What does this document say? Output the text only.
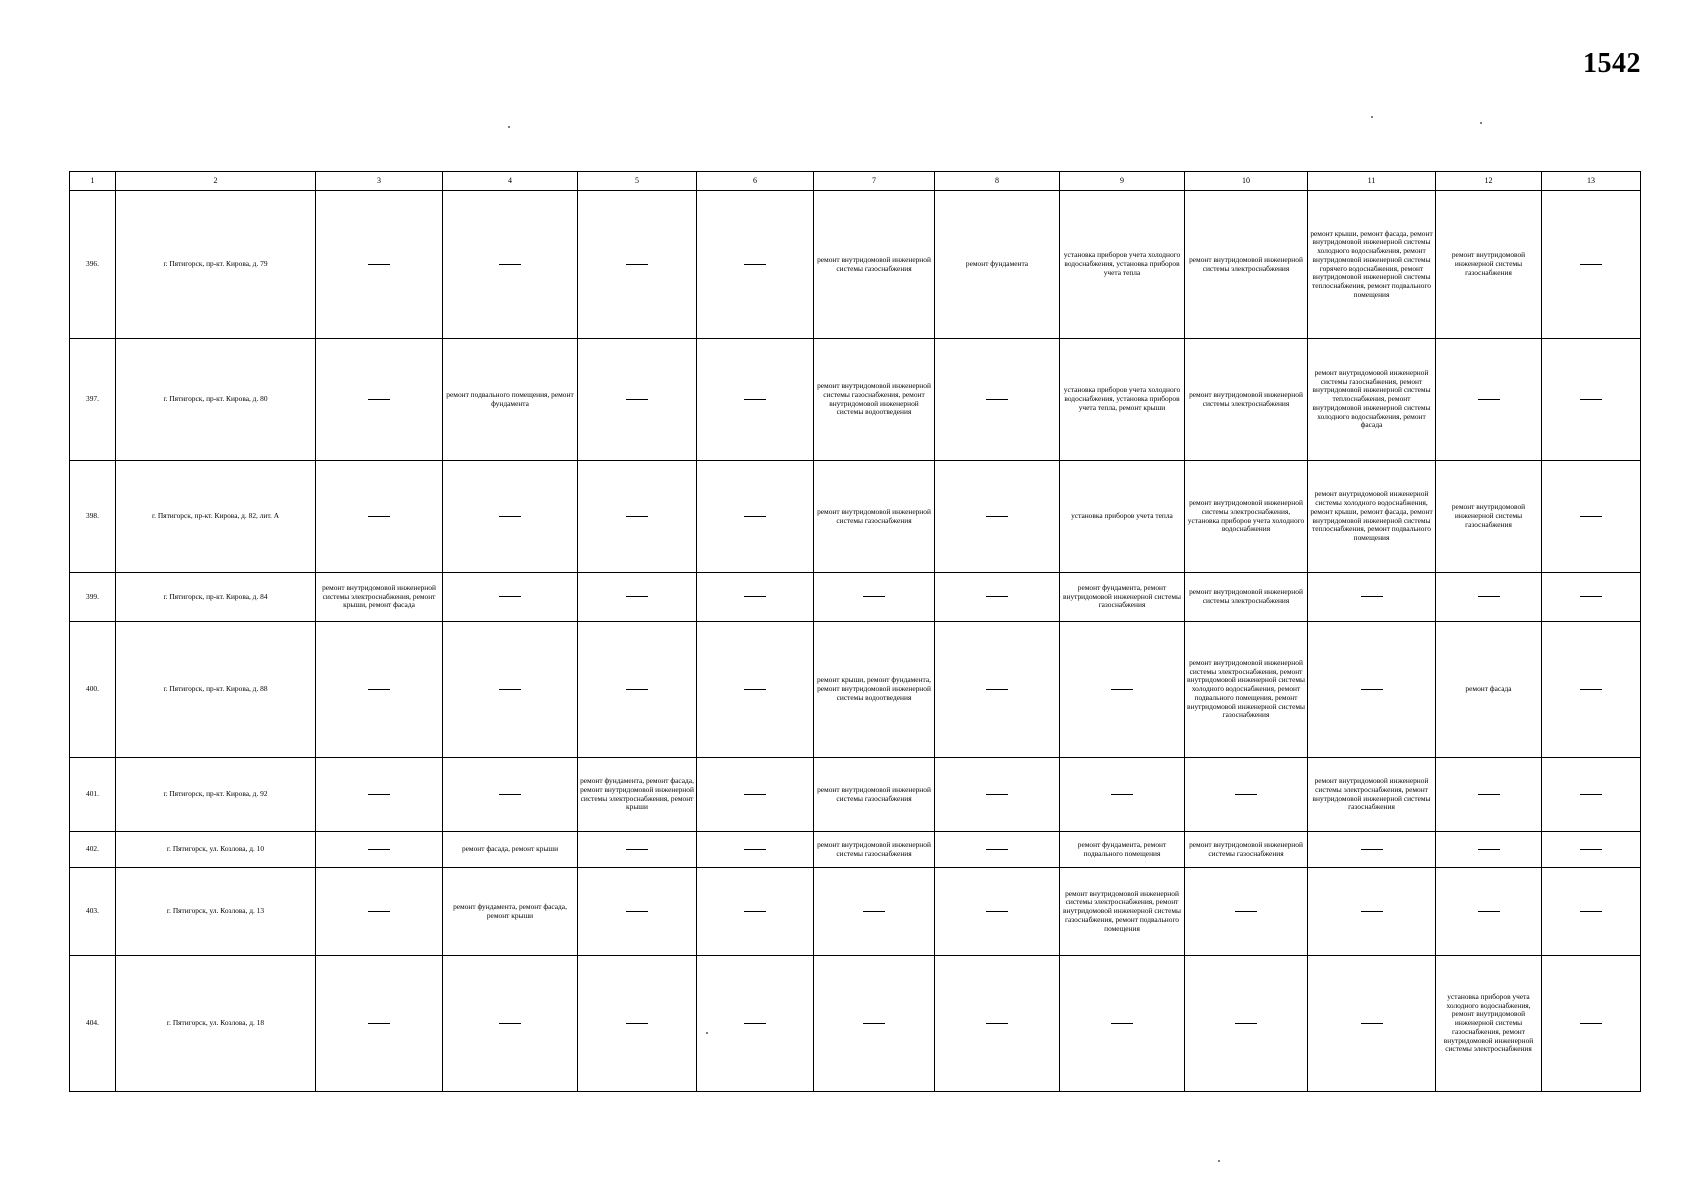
1542
1	2	3	4	5	6	7	8	9	10	11	12	13
396.	г. Пятигорск, пр-кт. Кирова, д. 79					ремонт внутридомовой инженерной системы газоснабжения	ремонт фундамента	установка приборов учета холодного водоснабжения, установка приборов учета тепла	ремонт внутридомовой инженерной системы электроснабжения	ремонт крыши, ремонт фасада, ремонт внутридомовой инженерной системы холодного водоснабжения, ремонт внутридомовой инженерной системы горячего водоснабжения, ремонт внутридомовой инженерной системы теплоснабжения, ремонт подвального помещения	ремонт внутридомовой инженерной системы газоснабжения	
397.	г. Пятигорск, пр-кт. Кирова, д. 80		ремонт подвального помещения, ремонт фундамента			ремонт внутридомовой инженерной системы газоснабжения, ремонт внутридомовой инженерной системы водоотведения		установка приборов учета холодного водоснабжения, установка приборов учета тепла, ремонт крыши	ремонт внутридомовой инженерной системы электроснабжения	ремонт внутридомовой инженерной системы газоснабжения, ремонт внутридомовой инженерной системы теплоснабжения, ремонт внутридомовой инженерной системы холодного водоснабжения, ремонт фасада		
398.	г. Пятигорск, пр-кт. Кирова, д. 82, лит. А					ремонт внутридомовой инженерной системы газоснабжения		установка приборов учета тепла	ремонт внутридомовой инженерной системы электроснабжения, установка приборов учета холодного водоснабжения	ремонт внутридомовой инженерной системы холодного водоснабжения, ремонт крыши, ремонт фасада, ремонт внутридомовой инженерной системы теплоснабжения, ремонт подвального помещения	ремонт внутридомовой инженерной системы газоснабжения	
399.	г. Пятигорск, пр-кт. Кирова, д. 84	ремонт внутридомовой инженерной системы электроснабжения, ремонт крыши, ремонт фасада						ремонт фундамента, ремонт внутридомовой инженерной системы газоснабжения	ремонт внутридомовой инженерной системы электроснабжения			
400.	г. Пятигорск, пр-кт. Кирова, д. 88					ремонт крыши, ремонт фундамента, ремонт внутридомовой инженерной системы водоотведения			ремонт внутридомовой инженерной системы электроснабжения, ремонт внутридомовой инженерной системы холодного водоснабжения, ремонт подвального помещения, ремонт внутридомовой инженерной системы газоснабжения		ремонт фасада	
401.	г. Пятигорск, пр-кт. Кирова, д. 92			ремонт фундамента, ремонт фасада, ремонт внутридомовой инженерной системы электроснабжения, ремонт крыши		ремонт внутридомовой инженерной системы газоснабжения				ремонт внутридомовой инженерной системы электроснабжения, ремонт внутридомовой инженерной системы газоснабжения		
402.	г. Пятигорск, ул. Козлова, д. 10		ремонт фасада, ремонт крыши			ремонт внутридомовой инженерной системы газоснабжения		ремонт фундамента, ремонт подвального помещения	ремонт внутридомовой инженерной системы газоснабжения			
403.	г. Пятигорск, ул. Козлова, д. 13		ремонт фундамента, ремонт фасада, ремонт крыши					ремонт внутридомовой инженерной системы электроснабжения, ремонт внутридомовой инженерной системы газоснабжения, ремонт подвального помещения				
404.	г. Пятигорск, ул. Козлова, д. 18										установка приборов учета холодного водоснабжения, ремонт внутридомовой инженерной системы газоснабжения, ремонт внутридомовой инженерной системы электроснабжения	
